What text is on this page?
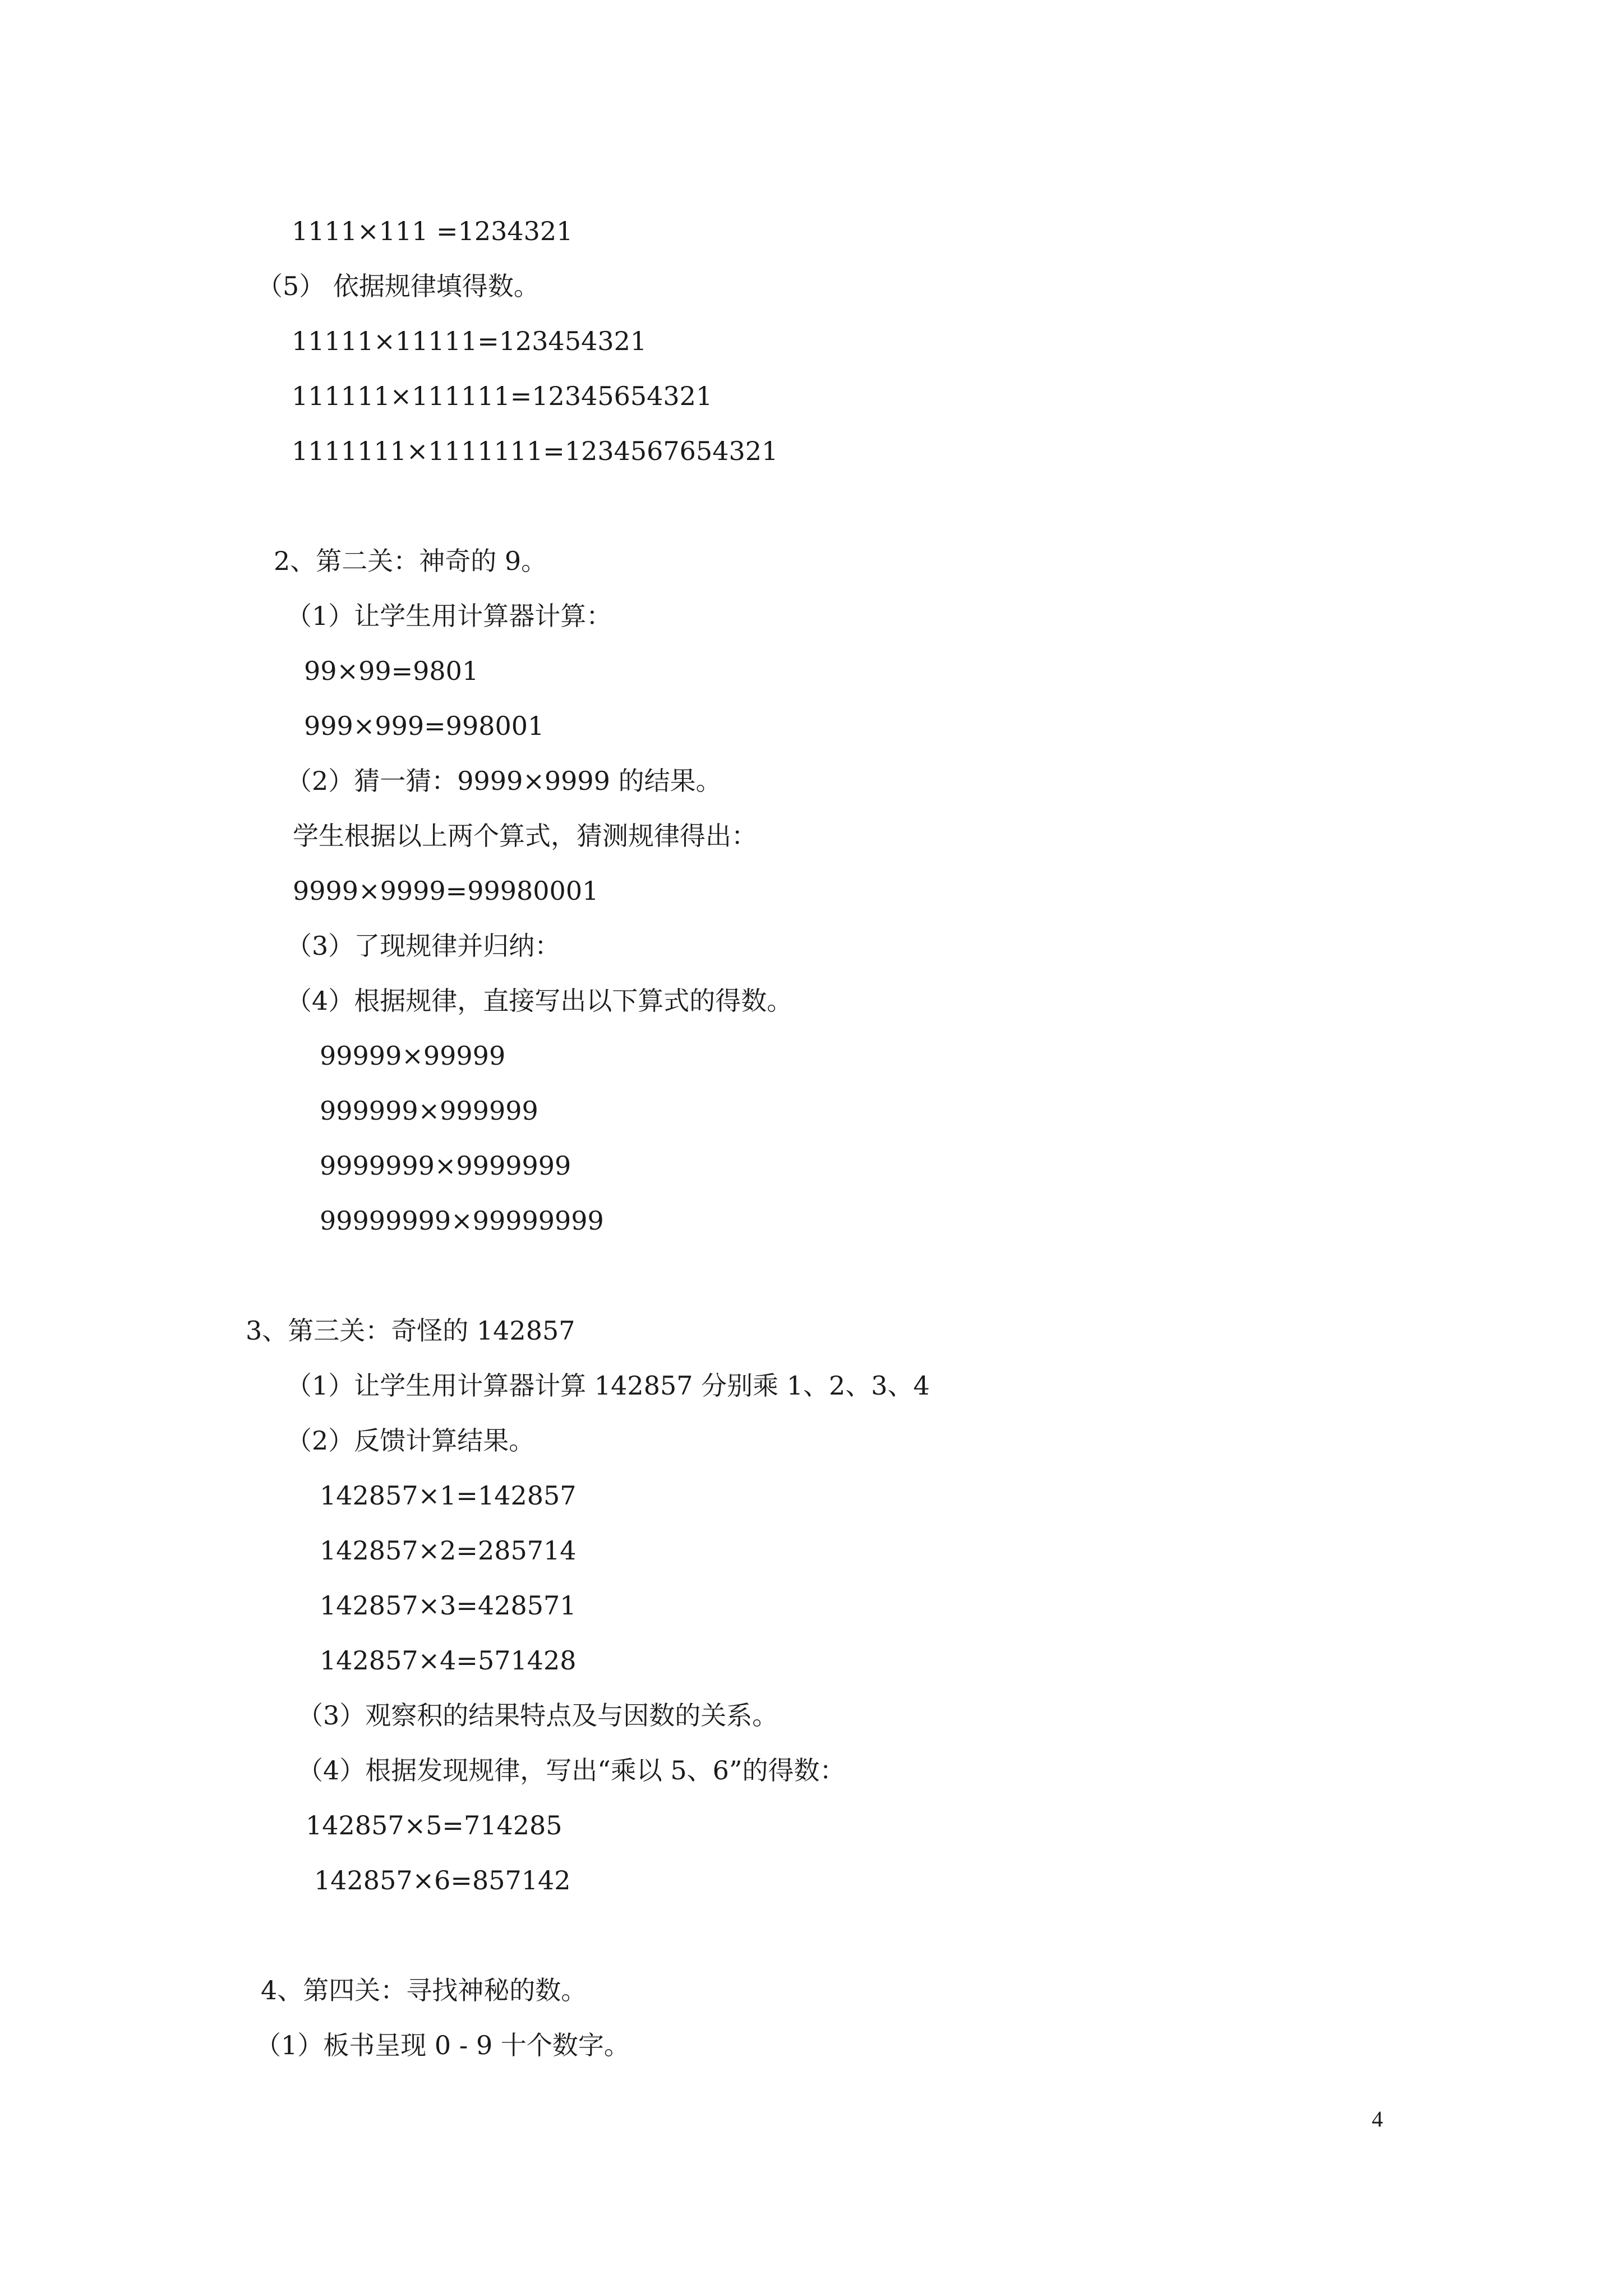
1111×111 =1234321
（5） 依据规律填得数。
11111×11111=123454321
111111×111111=12345654321
1111111×1111111=1234567654321
2、第二关：神奇的 9。
（1）让学生用计算器计算：
99×99=9801
999×999=998001
（2）猜一猜：9999×9999 的结果。
学生根据以上两个算式，猜测规律得出：
9999×9999=99980001
（3）了现规律并归纳：
（4）根据规律，直接写出以下算式的得数。
99999×99999
999999×999999
9999999×9999999
99999999×99999999
3、第三关：奇怪的 142857
（1）让学生用计算器计算 142857 分别乘 1、2、3、4
（2）反馈计算结果。
142857×1=142857
142857×2=285714
142857×3=428571
142857×4=571428
（3）观察积的结果特点及与因数的关系。
（4）根据发现规律，写出“乘以 5、6”的得数：
142857×5=714285
142857×6=857142
4、第四关：寻找神秘的数。
（1）板书呈现 0 - 9 十个数字。
4
